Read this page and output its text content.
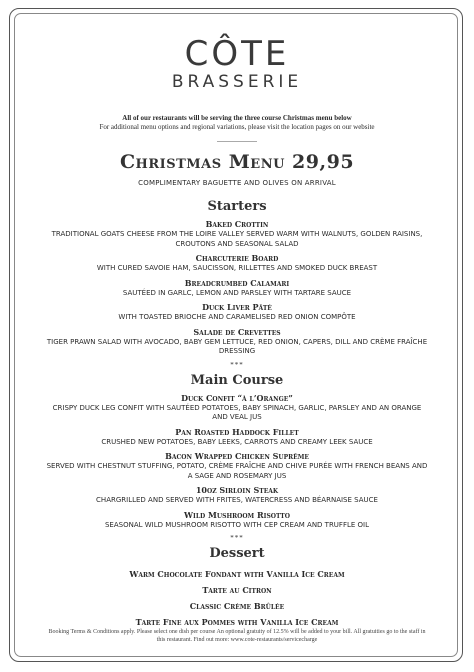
CÔTE
BRASSERIE
All of our restaurants will be serving the three course Christmas menu below
For additional menu options and regional variations, please visit the location pages on our website
Christmas Menu 29,95
COMPLIMENTARY BAGUETTE AND OLIVES ON ARRIVAL
Starters
Baked Crottin
TRADITIONAL GOATS CHEESE FROM THE LOIRE VALLEY SERVED WARM WITH WALNUTS, GOLDEN RAISINS, CROUTONS AND SEASONAL SALAD
Charcuterie Board
WITH CURED SAVOIE HAM, SAUCISSON, RILLETTES AND SMOKED DUCK BREAST
Breadcrumbed Calamari
SAUTÉED IN GARLC, LEMON AND PARSLEY WITH TARTARE SAUCE
Duck Liver Pâté
WITH TOASTED BRIOCHE AND CARAMELISED RED ONION COMPÔTE
Salade de Crevettes
TIGER PRAWN SALAD WITH AVOCADO, BABY GEM LETTUCE, RED ONION, CAPERS, DILL AND CRÈME FRAÎCHE DRESSING
***
Main Course
Duck Confit “à l’Orange”
CRISPY DUCK LEG CONFIT WITH SAUTÉED POTATOES, BABY SPINACH, GARLIC, PARSLEY AND AN ORANGE AND VEAL JUS
Pan Roasted Haddock Fillet
CRUSHED NEW POTATOES, BABY LEEKS, CARROTS AND CREAMY LEEK SAUCE
Bacon Wrapped Chicken Suprême
SERVED WITH CHESTNUT STUFFING, POTATO, CRÈME FRAÎCHE AND CHIVE PURÉE WITH FRENCH BEANS AND A SAGE AND ROSEMARY JUS
10oz Sirloin Steak
CHARGRILLED AND SERVED WITH FRITES, WATERCRESS AND BÉARNAISE SAUCE
Wild Mushroom Risotto
SEASONAL WILD MUSHROOM RISOTTO WITH CEP CREAM AND TRUFFLE OIL
***
Dessert
Warm Chocolate Fondant with Vanilla Ice Cream
Tarte au Citron
Classic Crème Brûlée
Tarte Fine aux Pommes with Vanilla Ice Cream
Booking Terms & Conditions apply. Please select one dish per course An optional gratuity of 12.5% will be added to your bill. All gratuities go to the staff in this restaurant. Find out more: www.cote-restaurants/servicecharge
